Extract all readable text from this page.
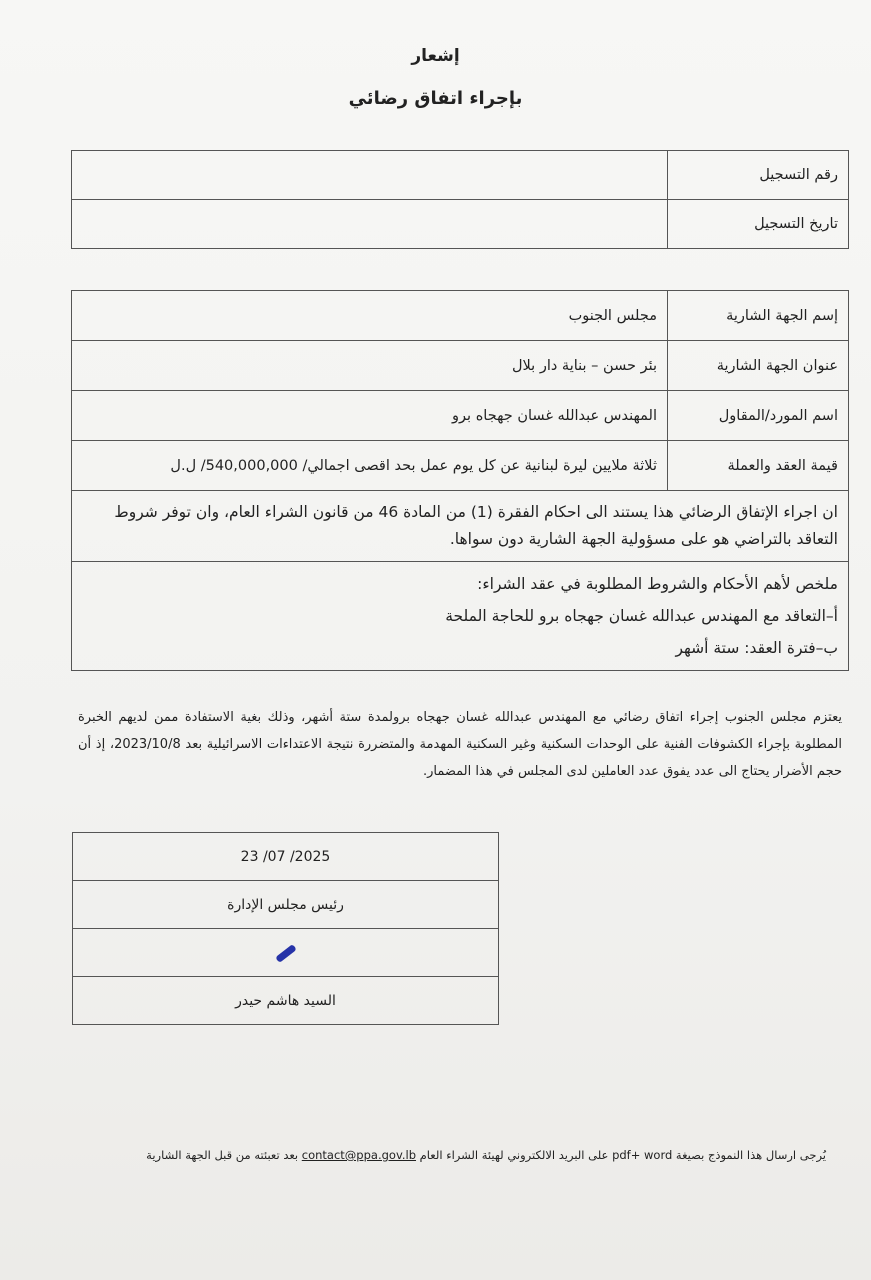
إشعار
بإجراء اتفاق رضائي
رقم التسجيل	
تاريخ التسجيل	
إسم الجهة الشارية	مجلس الجنوب
عنوان الجهة الشارية	بئر حسن – بناية دار بلال
اسم المورد/المقاول	المهندس عبدالله غسان جهجاه برو
قيمة العقد والعملة	ثلاثة ملايين ليرة لبنانية عن كل يوم عمل بحد اقصى اجمالي/ 540,000,000/ ل.ل
ان اجراء الإتفاق الرضائي هذا يستند الى احكام الفقرة (1) من المادة 46 من قانون الشراء العام، وان توفر شروط التعاقد بالتراضي هو على مسؤولية الجهة الشارية دون سواها.	

ملخص لأهم الأحكام والشروط المطلوبة في عقد الشراء:
أ–التعاقد مع المهندس عبدالله غسان جهجاه برو للحاجة الملحة
ب–فترة العقد: ستة أشهر	
يعتزم مجلس الجنوب إجراء اتفاق رضائي مع المهندس عبدالله غسان جهجاه برولمدة ستة أشهر، وذلك بغية الاستفادة ممن لديهم الخبرة المطلوبة بإجراء الكشوفات الفنية على الوحدات السكنية وغير السكنية المهدمة والمتضررة نتيجة الاعتداءات الاسرائيلية بعد 2023/10/8، إذ أن حجم الأضرار يحتاج الى عدد يفوق عدد العاملين لدى المجلس في هذا المضمار.
2025/ 07/ 23
رئيس مجلس الإدارة

السيد هاشم حيدر
يُرجى ارسال هذا النموذج بصيغة pdf+ word على البريد الالكتروني لهيئة الشراء العام contact@ppa.gov.lb بعد تعبئته من قبل الجهة الشارية
